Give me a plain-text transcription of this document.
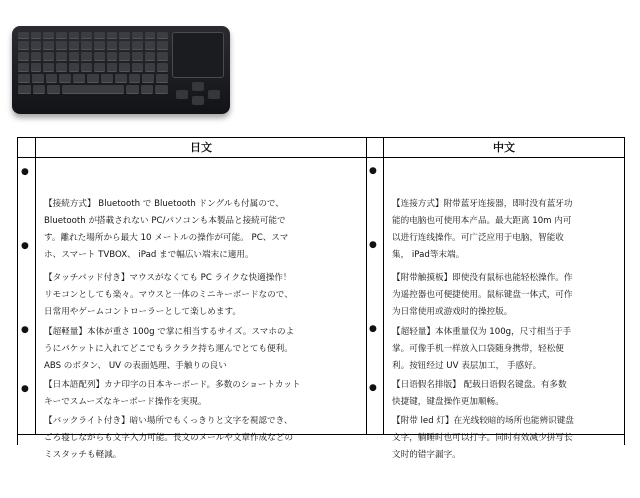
日文	中文
●
●
●
●
●
●
●
●

【接続方式】 Bluetooth で Bluetooth ドングルも付属ので、
Bluetooth が搭載されない PC/パソコンも本製品と接続可能で
す。離れた場所から最大 10 メートルの操作が可能。 PC、スマ
ホ、スマート TVBOX、 iPad まで幅広い端末に適用。

【タッチパッド付き】マウスがなくても PC ライクな快適操作！
リモコンとしても楽々。マウスと一体のミニキーボードなので、
日常用やゲームコントローラーとして楽しめます。

【超軽量】本体が重さ 100g で掌に相当するサイズ。スマホのよ
うにパケットに入れてどこでもラクラク持ち運んでとても便利。
ABS のボタン、 UV の表面処理、手触りの良い

【日本語配列】カナ印字の日本キーボード。多数のショートカット
キーでスムーズなキーボード操作を実現。

【バックライト付き】暗い場所でもくっきりと文字を視認でき、
ごろ寝しながらも文字入力可能。長文のメールや文章作成などの
ミスタッチも軽減。

【连接方式】附带蓝牙连接器，即时没有蓝牙功
能的电脑也可使用本产品。最大距离 10m 内可
以进行连线操作。可广泛应用于电脑，智能收
集， iPad等末端。

【附带触摸板】即使没有鼠标也能轻松操作。作
为遥控器也可便捷使用。鼠标键盘一体式，可作
为日常使用或游戏时的操控版。

【超轻量】本体重量仅为 100g，尺寸相当于手
掌。可像手机一样放入口袋随身携带，轻松便
利。按钮经过 UV 表层加工， 手感好。

【日语假名排版】 配载日语假名键盘。有多数
快捷键，键盘操作更加顺畅。

【附带 led 灯】在光线较暗的场所也能辨识键盘
文字，躺睡时也可以打字。同时有效减少拼写长
文时的错字漏字。
